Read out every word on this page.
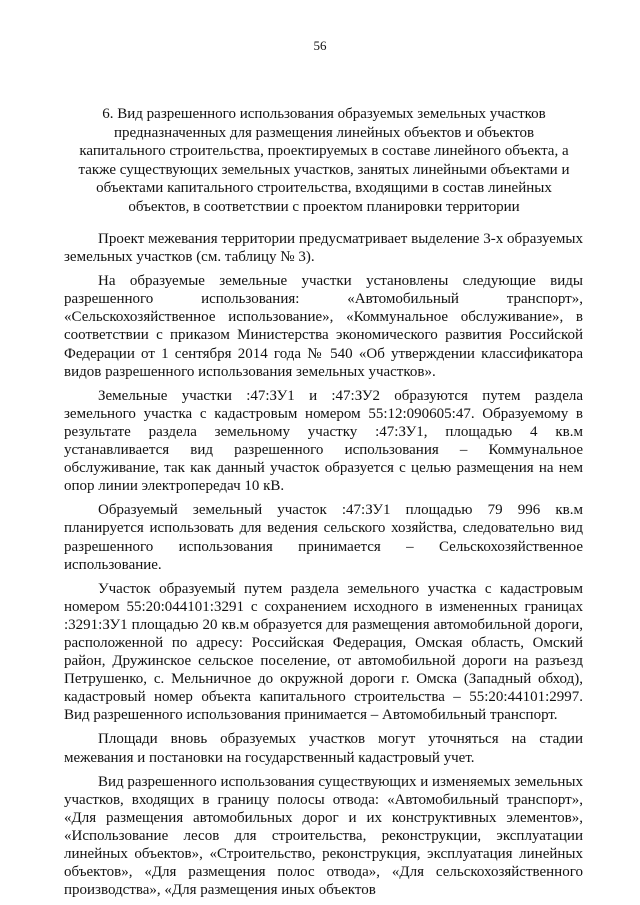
56
6. Вид разрешенного использования образуемых земельных участков предназначенных для размещения линейных объектов и объектов капитального строительства, проектируемых в составе линейного объекта, а также существующих земельных участков, занятых линейными объектами и объектами капитального строительства, входящими в состав линейных объектов, в соответствии с проектом планировки территории

Проект межевания территории предусматривает выделение 3-х образуемых земельных участков (см. таблицу № 3).

На образуемые земельные участки установлены следующие виды разрешенного использования: «Автомобильный транспорт», «Сельскохозяйственное использование», «Коммунальное обслуживание», в соответствии с приказом Министерства экономического развития Российской Федерации от 1 сентября 2014 года № 540 «Об утверждении классификатора видов разрешенного использования земельных участков».

Земельные участки :47:ЗУ1 и :47:ЗУ2 образуются путем раздела земельного участка с кадастровым номером 55:12:090605:47. Образуемому в результате раздела земельному участку :47:ЗУ1, площадью 4 кв.м устанавливается вид разрешенного использования – Коммунальное обслуживание, так как данный участок образуется с целью размещения на нем опор линии электропередач 10 кВ.

Образуемый земельный участок :47:ЗУ1 площадью 79 996 кв.м планируется использовать для ведения сельского хозяйства, следовательно вид разрешенного использования принимается – Сельскохозяйственное использование.

Участок образуемый путем раздела земельного участка с кадастровым номером 55:20:044101:3291 с сохранением исходного в измененных границах :3291:ЗУ1 площадью 20 кв.м образуется для размещения автомобильной дороги, расположенной по адресу: Российская Федерация, Омская область, Омский район, Дружинское сельское поселение, от автомобильной дороги на разъезд Петрушенко, с. Мельничное до окружной дороги г. Омска (Западный обход), кадастровый номер объекта капитального строительства – 55:20:44101:2997. Вид разрешенного использования принимается – Автомобильный транспорт.

Площади вновь образуемых участков могут уточняться на стадии межевания и постановки на государственный кадастровый учет.

Вид разрешенного использования существующих и изменяемых земельных участков, входящих в границу полосы отвода: «Автомобильный транспорт», «Для размещения автомобильных дорог и их конструктивных элементов», «Использование лесов для строительства, реконструкции, эксплуатации линейных объектов», «Строительство, реконструкция, эксплуатация линейных объектов», «Для размещения полос отвода», «Для сельскохозяйственного производства», «Для размещения иных объектов
